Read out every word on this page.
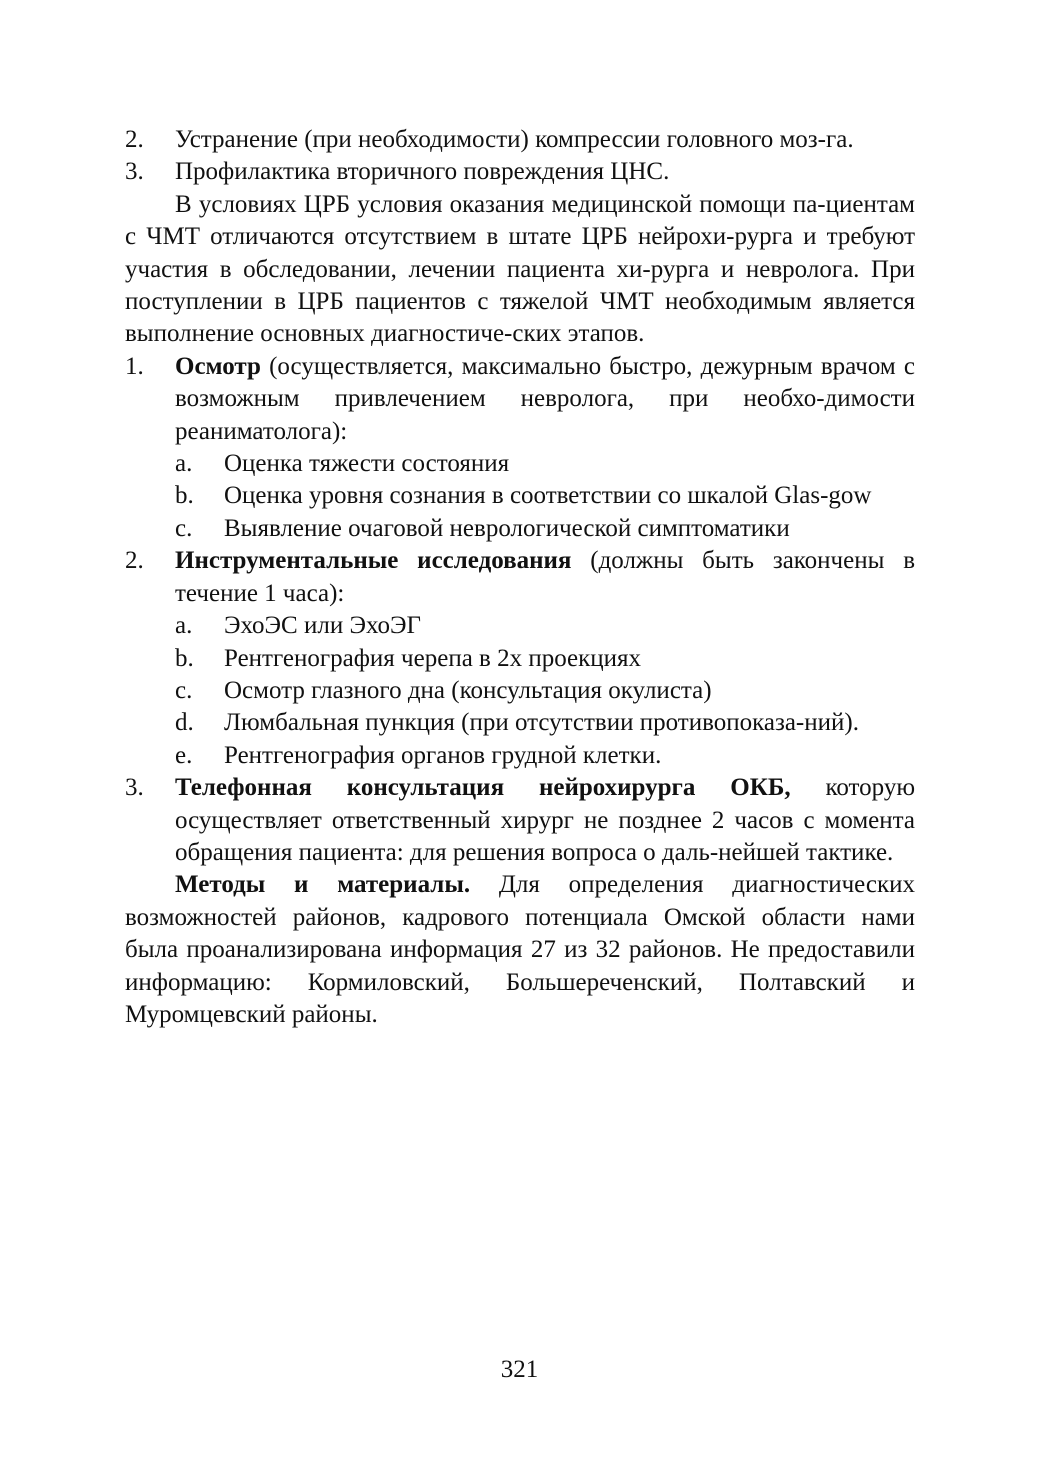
2. Устранение (при необходимости) компрессии головного моз-га.
3. Профилактика вторичного повреждения ЦНС.
В условиях ЦРБ условия оказания медицинской помощи па-циентам с ЧМТ отличаются отсутствием в штате ЦРБ нейрохи-рурга и требуют участия в обследовании, лечении пациента хи-рурга и невролога. При поступлении в ЦРБ пациентов с тяжелой ЧМТ необходимым является выполнение основных диагностиче-ских этапов.
1. Осмотр (осуществляется, максимально быстро, дежурным врачом с возможным привлечением невролога, при необхо-димости реаниматолога):
a. Оценка тяжести состояния
b. Оценка уровня сознания в соответствии со шкалой Glas-gow
c. Выявление очаговой неврологической симптоматики
2. Инструментальные исследования (должны быть закончены в течение 1 часа):
a. ЭхоЭС или ЭхоЭГ
b. Рентгенография черепа в 2х проекциях
c. Осмотр глазного дна (консультация окулиста)
d. Люмбальная пункция (при отсутствии противопоказа-ний).
e. Рентгенография органов грудной клетки.
3. Телефонная консультация нейрохирурга ОКБ, которую осуществляет ответственный хирург не позднее 2 часов с момента обращения пациента: для решения вопроса о даль-нейшей тактике.
Методы и материалы. Для определения диагностических возможностей районов, кадрового потенциала Омской области нами была проанализирована информация 27 из 32 районов. Не предоставили информацию: Кормиловский, Большереченский, Полтавский и Муромцевский районы.
321
